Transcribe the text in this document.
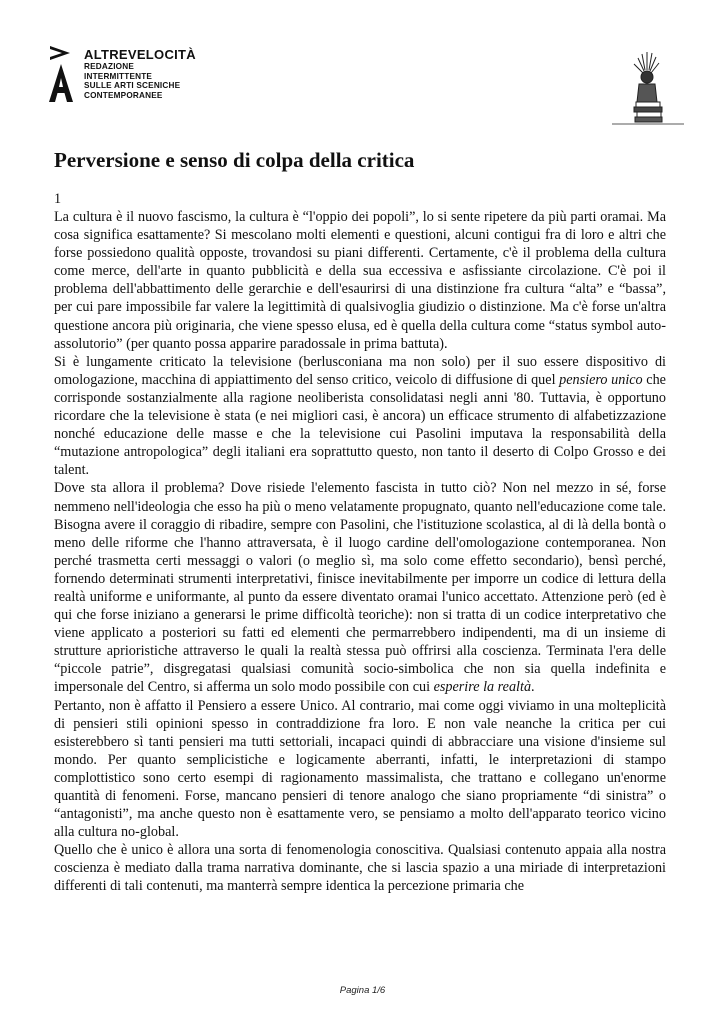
ALTREVELOCITÀ
REDAZIONE
INTERMITTENTE
SULLE ARTI SCENICHE
CONTEMPORANEE
Perversione e senso di colpa della critica
1

La cultura è il nuovo fascismo, la cultura è “l'oppio dei popoli”, lo si sente ripetere da più parti oramai. Ma cosa significa esattamente? Si mescolano molti elementi e questioni, alcuni contigui fra di loro e altri che forse possiedono qualità opposte, trovandosi su piani differenti. Certamente, c'è il problema della cultura come merce, dell'arte in quanto pubblicità e della sua eccessiva e asfissiante circolazione. C'è poi il problema dell'abbattimento delle gerarchie e dell'esaurirsi di una distinzione fra cultura “alta” e “bassa”, per cui pare impossibile far valere la legittimità di qualsivoglia giudizio o distinzione. Ma c'è forse un'altra questione ancora più originaria, che viene spesso elusa, ed è quella della cultura come “status symbol auto-assolutorio” (per quanto possa apparire paradossale in prima battuta).

Si è lungamente criticato la televisione (berlusconiana ma non solo) per il suo essere dispositivo di omologazione, macchina di appiattimento del senso critico, veicolo di diffusione di quel pensiero unico che corrisponde sostanzialmente alla ragione neoliberista consolidatasi negli anni '80. Tuttavia, è opportuno ricordare che la televisione è stata (e nei migliori casi, è ancora) un efficace strumento di alfabetizzazione nonché educazione delle masse e che la televisione cui Pasolini imputava la responsabilità della “mutazione antropologica” degli italiani era soprattutto questo, non tanto il deserto di Colpo Grosso e dei talent.

Dove sta allora il problema? Dove risiede l'elemento fascista in tutto ciò? Non nel mezzo in sé, forse nemmeno nell'ideologia che esso ha più o meno velatamente propugnato, quanto nell'educazione come tale. Bisogna avere il coraggio di ribadire, sempre con Pasolini, che l'istituzione scolastica, al di là della bontà o meno delle riforme che l'hanno attraversata, è il luogo cardine dell'omologazione contemporanea. Non perché trasmetta certi messaggi o valori (o meglio sì, ma solo come effetto secondario), bensì perché, fornendo determinati strumenti interpretativi, finisce inevitabilmente per imporre un codice di lettura della realtà uniforme e uniformante, al punto da essere diventato oramai l'unico accettato. Attenzione però (ed è qui che forse iniziano a generarsi le prime difficoltà teoriche): non si tratta di un codice interpretativo che viene applicato a posteriori su fatti ed elementi che permarrebbero indipendenti, ma di un insieme di strutture aprioristiche attraverso le quali la realtà stessa può offrirsi alla coscienza. Terminata l'era delle “piccole patrie”, disgregatasi qualsiasi comunità socio-simbolica che non sia quella indefinita e impersonale del Centro, si afferma un solo modo possibile con cui esperire la realtà.

Pertanto, non è affatto il Pensiero a essere Unico. Al contrario, mai come oggi viviamo in una molteplicità di pensieri stili opinioni spesso in contraddizione fra loro. E non vale neanche la critica per cui esisterebbero sì tanti pensieri ma tutti settoriali, incapaci quindi di abbracciare una visione d'insieme sul mondo. Per quanto semplicistiche e logicamente aberranti, infatti, le interpretazioni di stampo complottistico sono certo esempi di ragionamento massimalista, che trattano e collegano un'enorme quantità di fenomeni. Forse, mancano pensieri di tenore analogo che siano propriamente “di sinistra” o “antagonisti”, ma anche questo non è esattamente vero, se pensiamo a molto dell'apparato teorico vicino alla cultura no-global.

Quello che è unico è allora una sorta di fenomenologia conoscitiva. Qualsiasi contenuto appaia alla nostra coscienza è mediato dalla trama narrativa dominante, che si lascia spazio a una miriade di interpretazioni differenti di tali contenuti, ma manterrà sempre identica la percezione primaria che

Pagina 1/6
